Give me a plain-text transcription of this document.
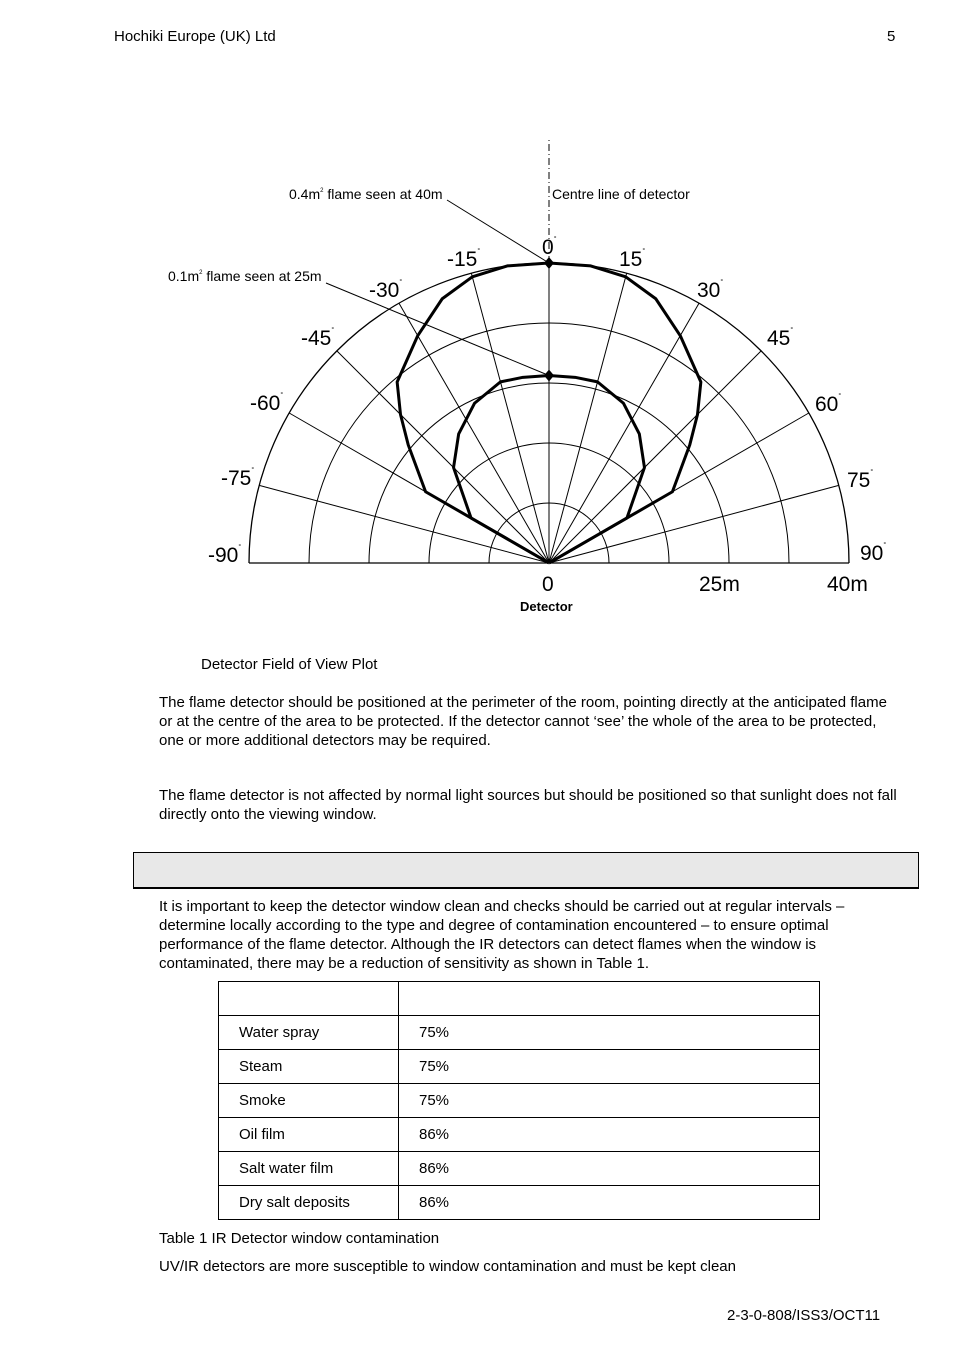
Hochiki Europe (UK) Ltd	5
-90°
-75°
-60°
-45°
-30°
-15°	0°
15°
30°
45°
60°
75°
90°
0	25m	40m
Detector
Centre line of detector
$0.4m^2$ flame seen at 40m
$0.1m^2$ flame seen at 25m
Detector Field of View Plot

The flame detector should be positioned at the perimeter of the room, pointing directly at the anticipated flame or at the centre of the area to be protected. If the detector cannot ‘see’ the whole of the area to be protected, one or more additional detectors may be required.

The flame detector is not affected by normal light sources but should be positioned so that sunlight does not fall directly onto the viewing window.

It is important to keep the detector window clean and checks should be carried out at regular intervals – determine locally according to the type and degree of contamination encountered – to ensure optimal performance of the flame detector. Although the IR detectors can detect flames when the window is contaminated, there may be a reduction of sensitivity as shown in Table 1.

Water spray	75%
Steam	75%
Smoke	75%
Oil film	86%
Salt water film	86%
Dry salt deposits	86%
Table 1 IR Detector window contamination
UV/IR detectors are more susceptible to window contamination and must be kept clean
2-3-0-808/ISS3/OCT11
